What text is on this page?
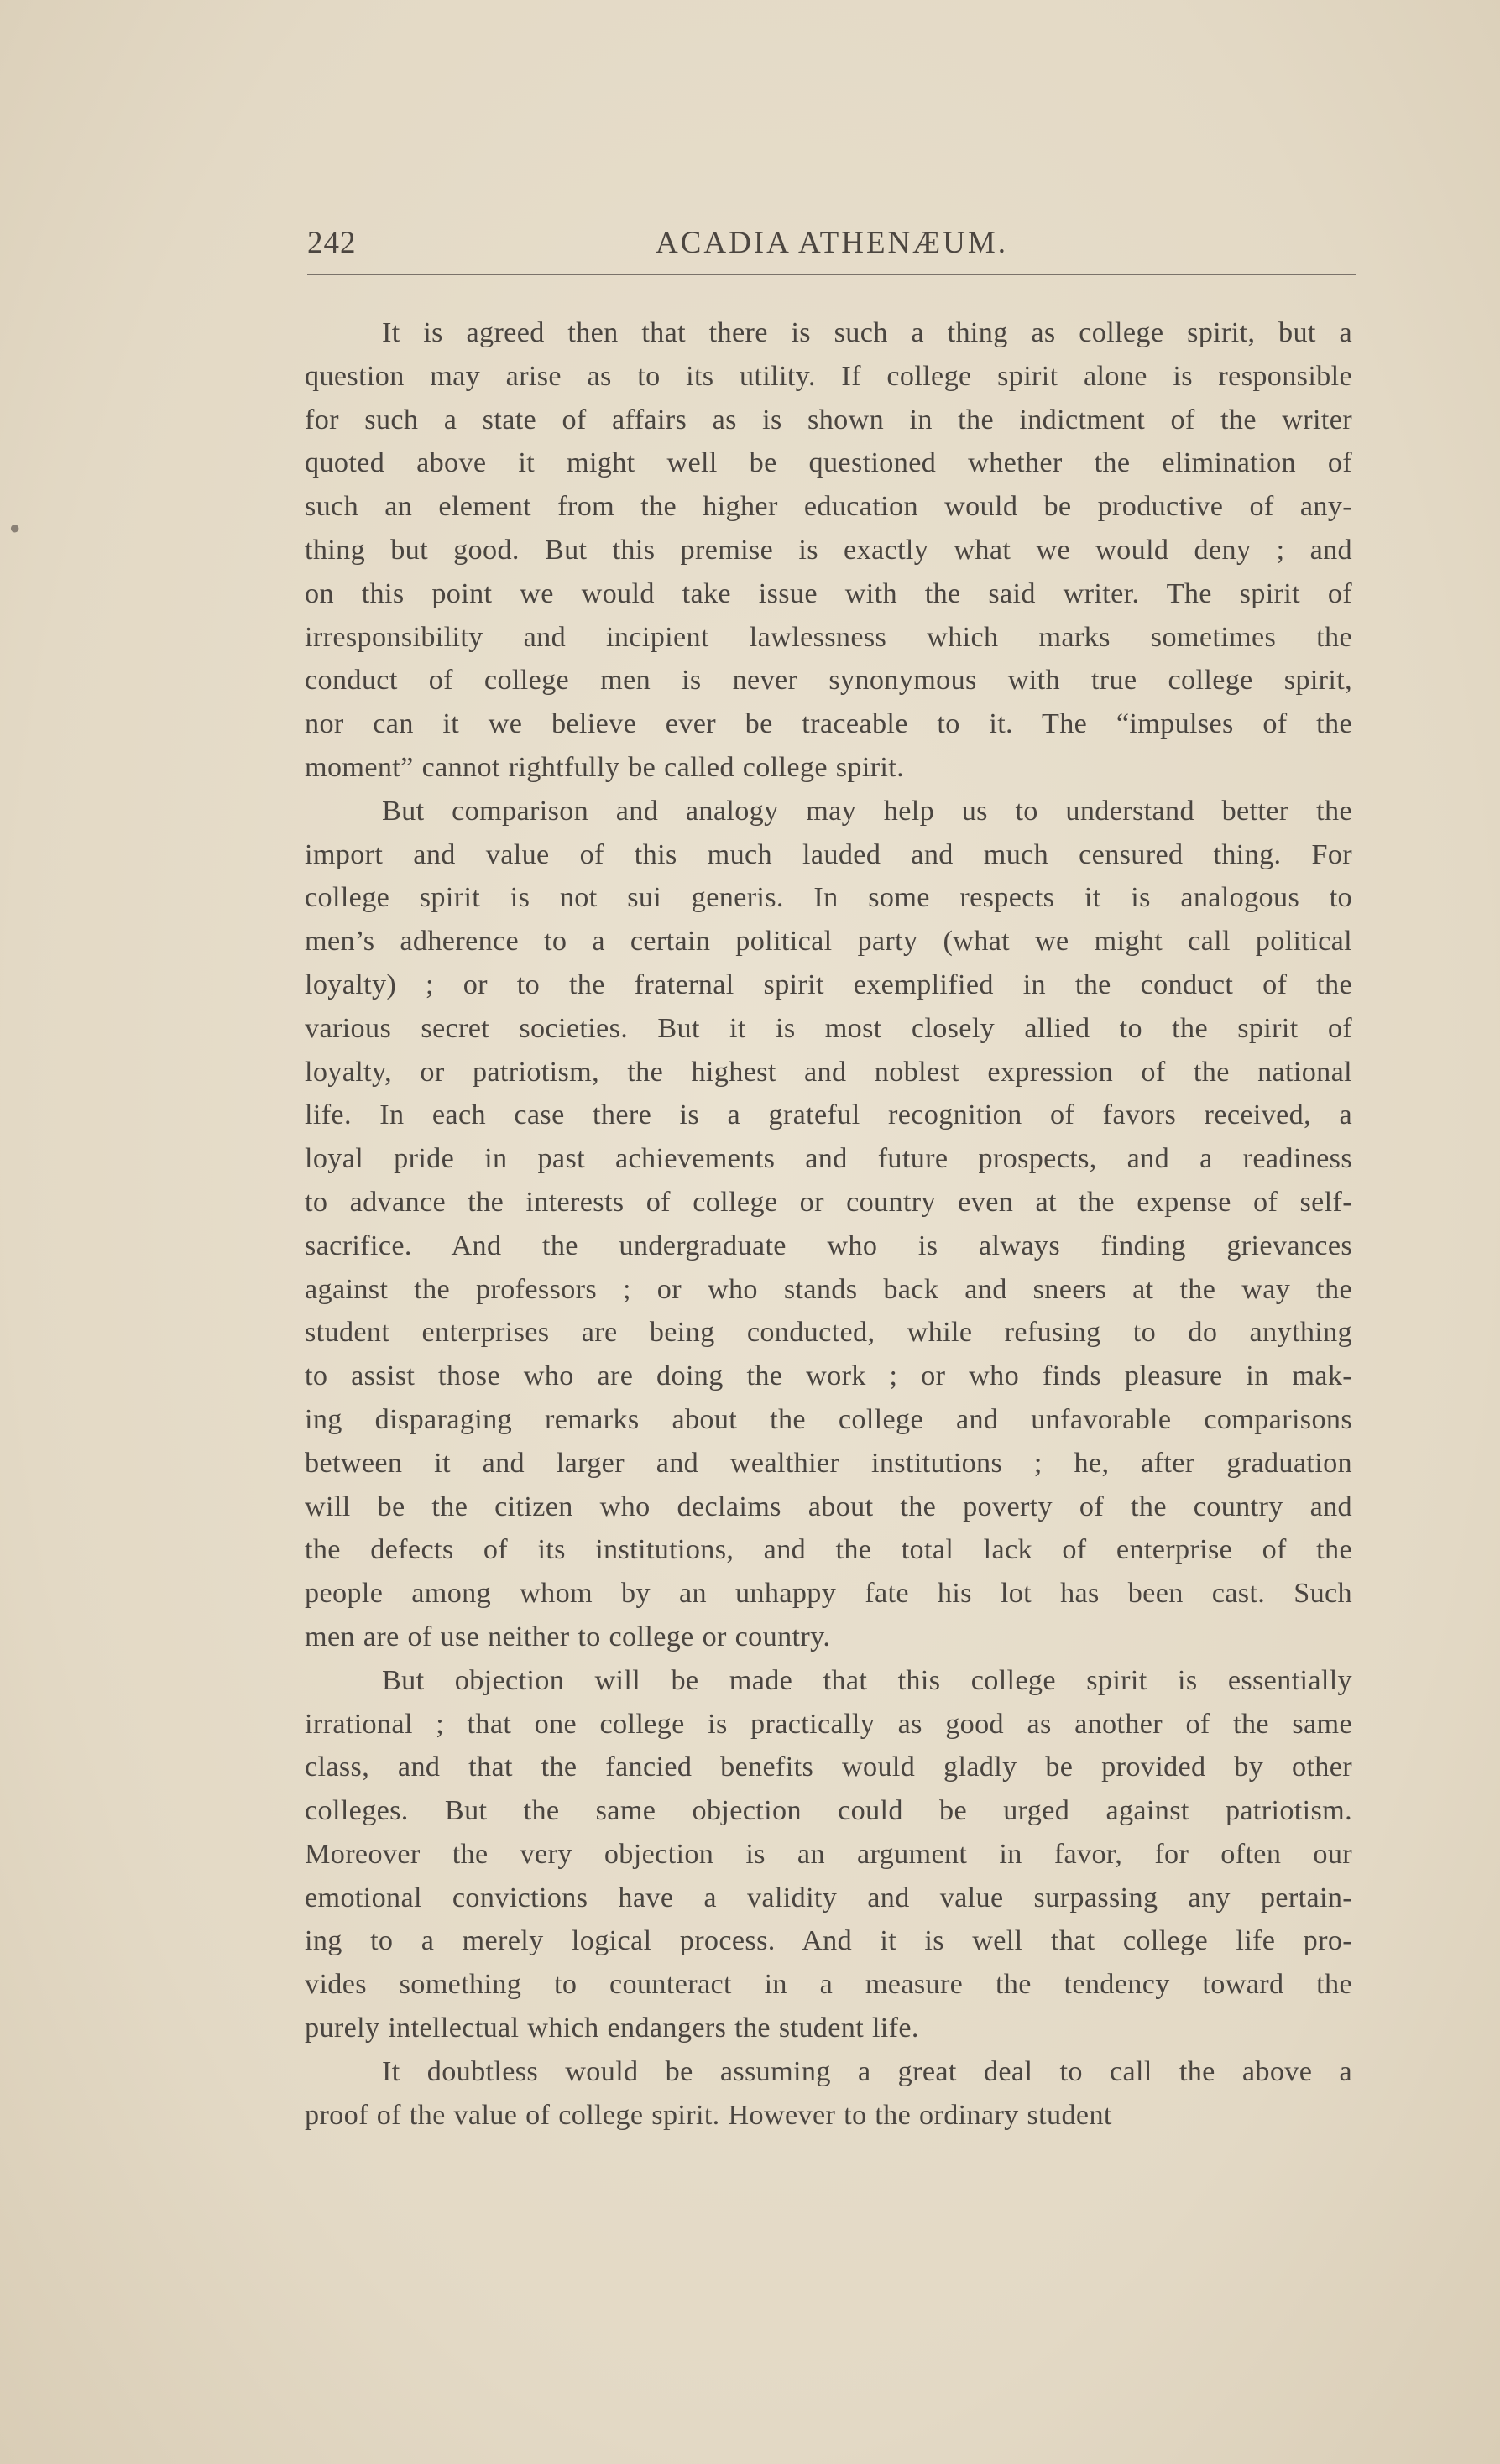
242	ACADIA ATHENÆUM.
It is agreed then that there is such a thing as college spirit, but a
question may arise as to its utility. If college spirit alone is responsible
for such a state of affairs as is shown in the indictment of the writer
quoted above it might well be questioned whether the elimination of
such an element from the higher education would be productive of any-
thing but good. But this premise is exactly what we would deny ; and
on this point we would take issue with the said writer. The spirit of
irresponsibility and incipient lawlessness which marks sometimes the
conduct of college men is never synonymous with true college spirit,
nor can it we believe ever be traceable to it. The “impulses of the
moment” cannot rightfully be called college spirit.
But comparison and analogy may help us to understand better the
import and value of this much lauded and much censured thing. For
college spirit is not sui generis. In some respects it is analogous to
men’s adherence to a certain political party (what we might call political
loyalty) ; or to the fraternal spirit exemplified in the conduct of the
various secret societies. But it is most closely allied to the spirit of
loyalty, or patriotism, the highest and noblest expression of the national
life. In each case there is a grateful recognition of favors received, a
loyal pride in past achievements and future prospects, and a readiness
to advance the interests of college or country even at the expense of self-
sacrifice. And the undergraduate who is always finding grievances
against the professors ; or who stands back and sneers at the way the
student enterprises are being conducted, while refusing to do anything
to assist those who are doing the work ; or who finds pleasure in mak-
ing disparaging remarks about the college and unfavorable comparisons
between it and larger and wealthier institutions ; he, after graduation
will be the citizen who declaims about the poverty of the country and
the defects of its institutions, and the total lack of enterprise of the
people among whom by an unhappy fate his lot has been cast. Such
men are of use neither to college or country.
But objection will be made that this college spirit is essentially
irrational ; that one college is practically as good as another of the same
class, and that the fancied benefits would gladly be provided by other
colleges. But the same objection could be urged against patriotism.
Moreover the very objection is an argument in favor, for often our
emotional convictions have a validity and value surpassing any pertain-
ing to a merely logical process. And it is well that college life pro-
vides something to counteract in a measure the tendency toward the
purely intellectual which endangers the student life.
It doubtless would be assuming a great deal to call the above a
proof of the value of college spirit. However to the ordinary student
●
